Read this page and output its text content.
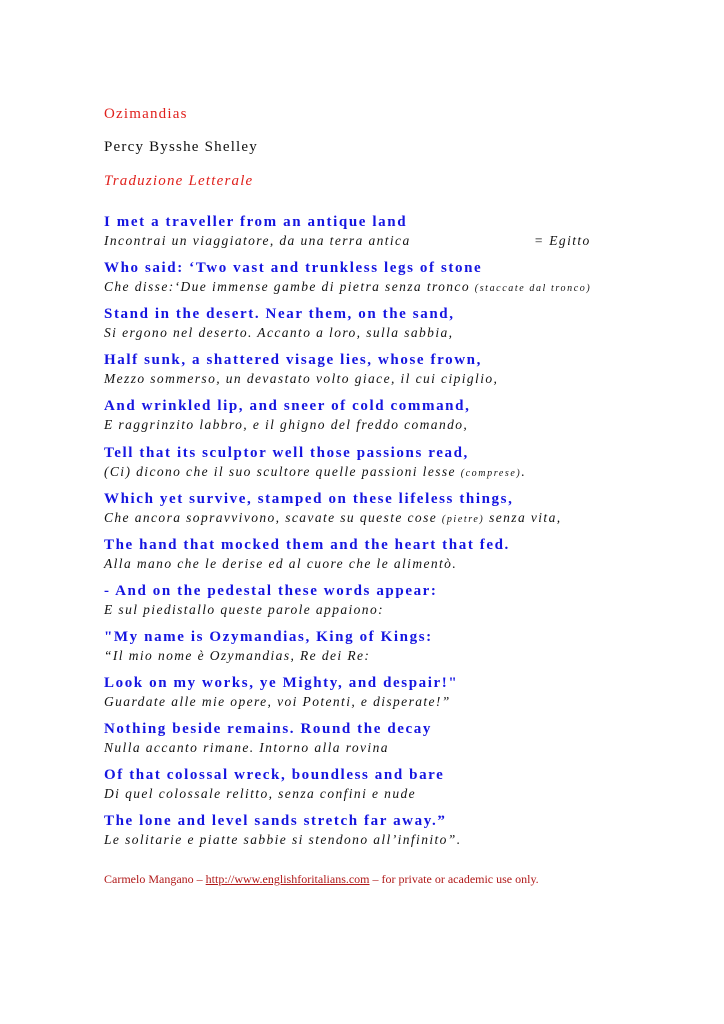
Ozimandias
Percy Bysshe Shelley
Traduzione Letterale
I met a traveller from an antique land
Incontrai un viaggiatore, da una terra antica	= Egitto
Who said: ‘Two vast and trunkless legs of stone
Che disse:‘Due immense gambe di pietra senza tronco (staccate dal tronco)
Stand in the desert. Near them, on the sand,
Si ergono nel deserto. Accanto a loro, sulla sabbia,
Half sunk, a shattered visage lies, whose frown,
Mezzo sommerso, un devastato volto giace, il cui cipiglio,
And wrinkled lip, and sneer of cold command,
E raggrinzito labbro, e il ghigno del freddo comando,
Tell that its sculptor well those passions read,
(Ci) dicono che il suo scultore quelle passioni lesse (comprese).
Which yet survive, stamped on these lifeless things,
Che ancora sopravvivono, scavate su queste cose (pietre) senza vita,
The hand that mocked them and the heart that fed.
Alla mano che le derise ed al cuore che le alimentò.
- And on the pedestal these words appear:
E sul piedistallo queste parole appaiono:
"My name is Ozymandias, King of Kings:
“Il mio nome è Ozymandias, Re dei Re:
Look on my works, ye Mighty, and despair!"
Guardate alle mie opere, voi Potenti, e disperate!”
Nothing beside remains. Round the decay
Nulla accanto rimane. Intorno alla rovina
Of that colossal wreck, boundless and bare
Di quel colossale relitto, senza confini e nude
The lone and level sands stretch far away.”
Le solitarie e piatte sabbie si stendono all’infinito”.
Carmelo Mangano – http://www.englishforitalians.com – for private or academic use only.
